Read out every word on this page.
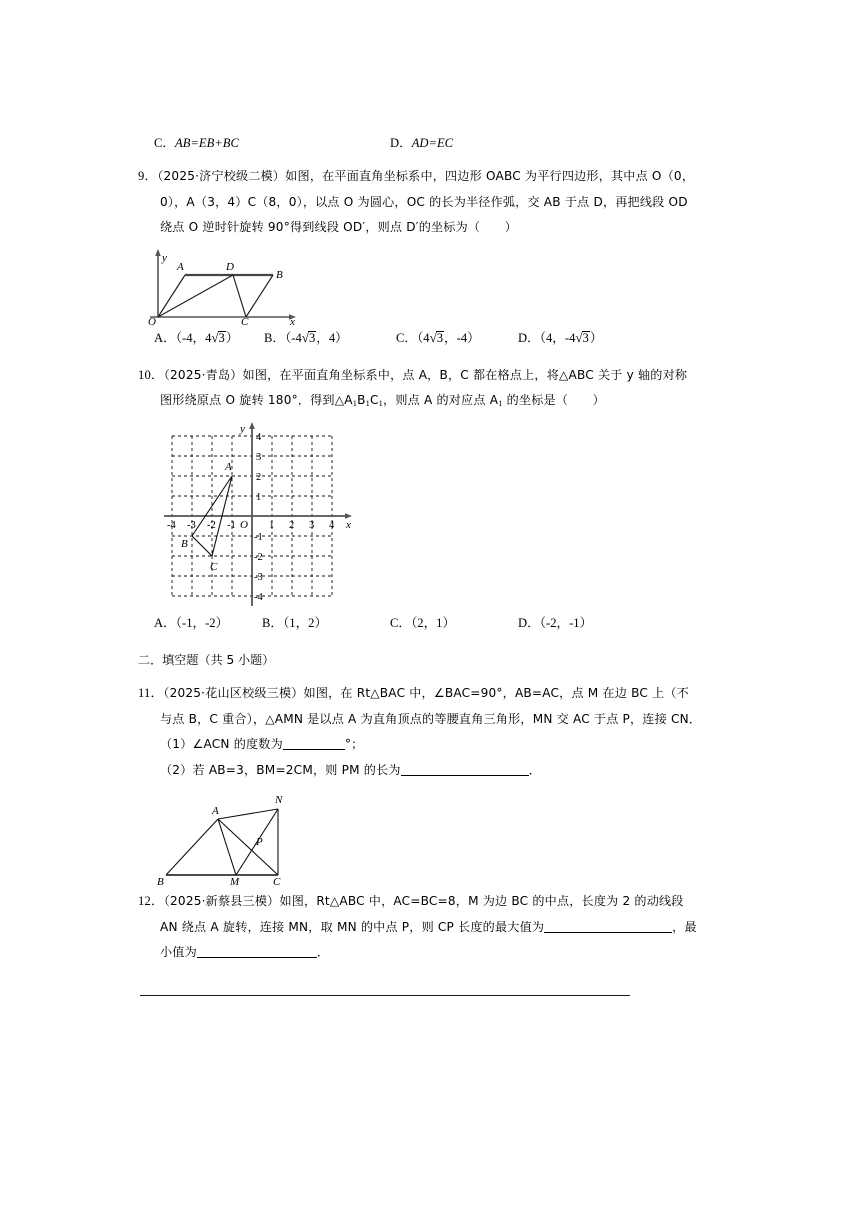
C．AB=EB+BC	D．AD=EC
9．（2025·济宁校级二模）如图，在平面直角坐标系中，四边形 OABC 为平行四边形，其中点 O（0，
0），A（3，4）C（8，0），以点 O 为圆心，OC 的长为半径作弧，交 AB 于点 D，再把线段 OD
绕点 O 逆时针旋转 90°得到线段 OD′，则点 D′的坐标为（　　）
A	D
B
O	C
y
x
A．（-4，4√3） B．（-4√3，4）	C．（4√3，-4）	D．（4，-4√3）
10．（2025·青岛）如图，在平面直角坐标系中，点 A，B，C 都在格点上，将△ABC 关于 y 轴的对称
图形绕原点 O 旋转 180°．得到$\triangle A_1B_1C_1$，则点 A 的对应点 $A_1$ 的坐标是（　　）
-4 -3 -2 -1	1 2 3 4
4
3
2
1
-1
-2
-3
-4
A
B
C
O	x
y
A．（-1，-2）	B．（1，2）	C．（2，1）	D．（-2，-1）
二．填空题（共 5 小题）
11．（2025·花山区校级三模）如图，在 Rt△BAC 中，∠BAC=90°，AB=AC，点 M 在边 BC 上（不
与点 B，C 重合），△AMN 是以点 A 为直角顶点的等腰直角三角形，MN 交 AC 于点 P，连接 CN．
（1）∠ACN 的度数为	°；
（2）若 AB=3，BM=2CM，则 PM 的长为	．
A
N
P
B	M	C
12．（2025·新蔡县三模）如图，Rt△ABC 中，AC=BC=8，M 为边 BC 的中点，长度为 2 的动线段
AN 绕点 A 旋转，连接 MN，取 MN 的中点 P，则 CP 长度的最大值为	，最
小值为	．
